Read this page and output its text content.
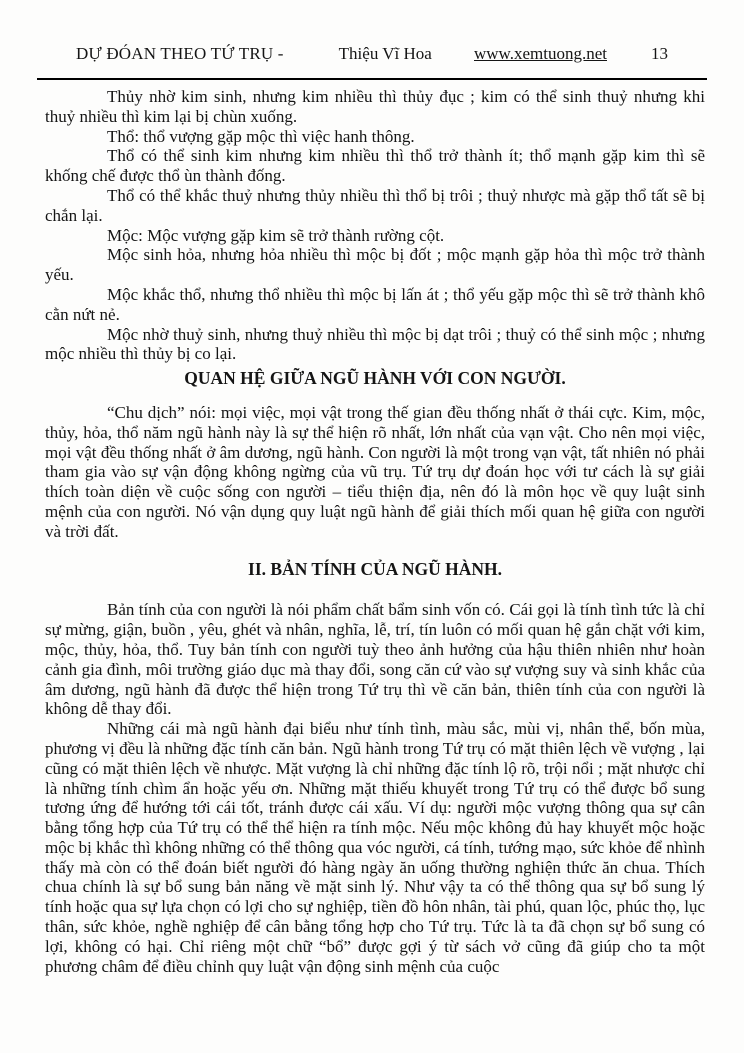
DỰ ĐÓAN THEO TỨ TRỤ -	Thiệu Vĩ Hoa www.xemtuong.net	13

Thủy nhờ kim sinh, nhưng kim nhiều thì thủy đục ; kim có thể sinh thuỷ nhưng khi thuỷ nhiều thì kim lại bị chùn xuống.

Thổ: thổ vượng gặp mộc thì việc hanh thông.

Thổ có thể sinh kim nhưng kim nhiều thì thổ trở thành ít; thổ mạnh gặp kim thì sẽ khống chế được thổ ùn thành đống.

Thổ có thể khắc thuỷ nhưng thủy nhiều thì thổ bị trôi ; thuỷ nhược mà gặp thổ tất sẽ bị chắn lại.

Mộc: Mộc vượng gặp kim sẽ trở thành rường cột.

Mộc sinh hỏa, nhưng hỏa nhiều thì mộc bị đốt ; mộc mạnh gặp hỏa thì mộc trở thành yếu.

Mộc khắc thổ, nhưng thổ nhiều thì mộc bị lấn át ; thổ yếu gặp mộc thì sẽ trở thành khô cằn nứt nẻ.

Mộc nhờ thuỷ sinh, nhưng thuỷ nhiều thì mộc bị dạt trôi ; thuỷ có thể sinh mộc ; nhưng mộc nhiều thì thủy bị co lại.

QUAN HỆ GIỮA NGŨ HÀNH VỚI CON NGƯỜI.

“Chu dịch” nói: mọi việc, mọi vật trong thế gian đều thống nhất ở thái cực. Kim, mộc, thủy, hỏa, thổ năm ngũ hành này là sự thể hiện rõ nhất, lớn nhất của vạn vật. Cho nên mọi việc, mọi vật đều thống nhất ở âm dương, ngũ hành. Con người là một trong vạn vật, tất nhiên nó phải tham gia vào sự vận động không ngừng của vũ trụ. Tứ trụ dự đoán học với tư cách là sự giải thích toàn diện về cuộc sống con người – tiểu thiện địa, nên đó là môn học về quy luật sinh mệnh của con người. Nó vận dụng quy luật ngũ hành để giải thích mối quan hệ giữa con người và trời đất.

II. BẢN TÍNH CỦA NGŨ HÀNH.

Bản tính của con người là nói phẩm chất bẩm sinh vốn có. Cái gọi là tính tình tức là chỉ sự mừng, giận, buồn , yêu, ghét và nhân, nghĩa, lễ, trí, tín luôn có mối quan hệ gắn chặt với kim, mộc, thủy, hỏa, thổ. Tuy bản tính con người tuỳ theo ảnh hưởng của hậu thiên nhiên như hoàn cảnh gia đình, môi trường giáo dục mà thay đổi, song căn cứ vào sự vượng suy và sinh khắc của âm dương, ngũ hành đã được thể hiện trong Tứ trụ thì về căn bản, thiên tính của con người là không dễ thay đổi.

Những cái mà ngũ hành đại biểu như tính tình, màu sắc, mùi vị, nhân thể, bốn mùa, phương vị đều là những đặc tính căn bản. Ngũ hành trong Tứ trụ có mặt thiên lệch về vượng , lại cũng có mặt thiên lệch về nhược. Mặt vượng là chỉ những đặc tính lộ rõ, trội nổi ; mặt nhược chỉ là những tính chìm ẩn hoặc yếu ơn. Những mặt thiếu khuyết trong Tứ trụ có thể được bổ sung tương ứng để hướng tới cái tốt, tránh được cái xấu. Ví dụ: người mộc vượng thông qua sự cân bằng tổng hợp của Tứ trụ có thể thể hiện ra tính mộc. Nếu mộc không đủ hay khuyết mộc hoặc mộc bị khắc thì không những có thể thông qua vóc người, cá tính, tướng mạo, sức khỏe để nhình thấy mà còn có thể đoán biết người đó hàng ngày ăn uống thường nghiện thức ăn chua. Thích chua chính là sự bổ sung bản năng về mặt sinh lý. Như vậy ta có thể thông qua sự bổ sung lý tính hoặc qua sự lựa chọn có lợi cho sự nghiệp, tiền đồ hôn nhân, tài phú, quan lộc, phúc thọ, lục thân, sức khỏe, nghề nghiệp để cân bằng tổng hợp cho Tứ trụ. Tức là ta đã chọn sự bổ sung có lợi, không có hại. Chỉ riêng một chữ “bổ” được gợi ý từ sách vở cũng đã giúp cho ta một phương châm để điều chỉnh quy luật vận động sinh mệnh của cuộc
